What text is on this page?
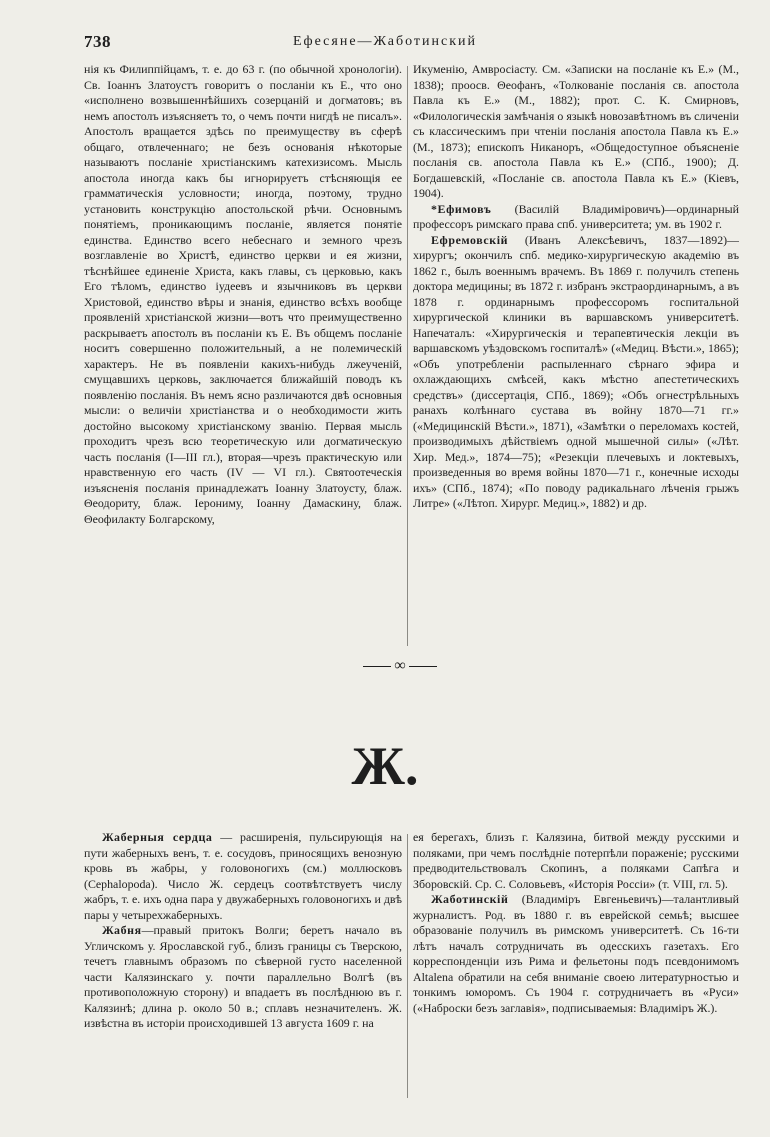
738	Ефесяне—Жаботинский

нія къ Филиппійцамъ, т. е. до 63 г. (по обычной хронологіи). Св. Іоаннъ Златоустъ говоритъ о посланіи къ Е., что оно «исполнено возвышеннѣйшихъ созерцаній и догматовъ; въ немъ апостолъ изъясняетъ то, о чемъ почти нигдѣ не писалъ». Апостолъ вращается здѣсь по преимуществу въ сферѣ общаго, отвлеченнаго; не безъ основанія нѣкоторые называютъ посланіе христіанскимъ катехизисомъ. Мысль апостола иногда какъ бы игнорируетъ стѣсняющія ее грамматическія условности; иногда, поэтому, трудно установить конструкцію апостольской рѣчи. Основнымъ понятіемъ, проникающимъ посланіе, является понятіе единства. Единство всего небеснаго и земного чрезъ возглавленіе во Христѣ, единство церкви и ея жизни, тѣснѣйшее единеніе Христа, какъ главы, съ церковью, какъ Его тѣломъ, единство іудеевъ и язычниковъ въ церкви Христовой, единство вѣры и знанія, единство всѣхъ вообще проявленій христіанской жизни—вотъ что преимущественно раскрываетъ апостолъ въ посланіи къ Е. Въ общемъ посланіе носитъ совершенно положительный, а не полемическій характеръ. Не въ появленіи какихъ-нибудь лжеученій, смущавшихъ церковь, заключается ближайшій поводъ къ появленію посланія. Въ немъ ясно различаются двѣ основныя мысли: о величіи христіанства и о необходимости жить достойно высокому христіанскому званію. Первая мысль проходитъ чрезъ всю теоретическую или догматическую часть посланія (I—III гл.), вторая—чрезъ практическую или нравственную его часть (IV — VI гл.). Святоотеческія изъясненія посланія принадлежатъ Іоанну Златоусту, блаж. Θеодориту, блаж. Іерониму, Іоанну Дамаскину, блаж. Θеофилакту Болгарскому,

Икуменію, Амвросіасту. См. «Записки на посланіе къ Е.» (М., 1838); проосв. Θеофанъ, «Толкованіе посланія св. апостола Павла къ Е.» (М., 1882); прот. С. К. Смирновъ, «Филологическія замѣчанія о языкѣ новозавѣтномъ въ сличеніи съ классическимъ при чтеніи посланія апостола Павла къ Е.» (М., 1873); епископъ Никаноръ, «Общедоступное объясненіе посланія св. апостола Павла къ Е.» (СПб., 1900); Д. Богдашевскій, «Посланіе св. апостола Павла къ Е.» (Кіевъ, 1904).

*Ефимовъ (Василій Владиміровичъ)—ординарный профессоръ римскаго права спб. университета; ум. въ 1902 г.

Ефремовскій (Иванъ Алексѣевичъ, 1837—1892)—хирургъ; окончилъ спб. медико-хирургическую академію въ 1862 г., былъ военнымъ врачемъ. Въ 1869 г. получилъ степень доктора медицины; въ 1872 г. избранъ экстраординарнымъ, а въ 1878 г. ординарнымъ профессоромъ госпитальной хирургической клиники въ варшавскомъ университетѣ. Напечаталъ: «Хирургическія и терапевтическія лекціи въ варшавскомъ уѣздовскомъ госпиталѣ» («Медиц. Вѣсти.», 1865); «Объ употребленіи распыленнаго сѣрнаго эфира и охлаждающихъ смѣсей, какъ мѣстно апестетическихъ средствъ» (диссертація, СПб., 1869); «Объ огнестрѣльныхъ ранахъ колѣннаго сустава въ войну 1870—71 гг.» («Медицинскій Вѣсти.», 1871), «Замѣтки о переломахъ костей, производимыхъ дѣйствіемъ одной мышечной силы» («Лѣт. Хир. Мед.», 1874—75); «Резекціи плечевыхъ и локтевыхъ, произведенныя во время войны 1870—71 г., конечные исходы ихъ» (СПб., 1874); «По поводу радикальнаго лѣченія грыжъ Литре» («Лѣтоп. Хирург. Медиц.», 1882) и др.

∞
Ж.

Жаберныя сердца — расширенія, пульсирующія на пути жаберныхъ венъ, т. е. сосудовъ, приносящихъ венозную кровь въ жабры, у головоногихъ (см.) моллюсковъ (Cephalopoda). Число Ж. сердецъ соотвѣтствуетъ числу жабръ, т. е. ихъ одна пара у двужаберныхъ головоногихъ и двѣ пары у четырехжаберныхъ.

Жабня—правый притокъ Волги; беретъ начало въ Угличскомъ у. Ярославской губ., близъ границы съ Тверскою, течетъ главнымъ образомъ по сѣверной густо населенной части Калязинскаго у. почти параллельно Волгѣ (въ противоположную сторону) и впадаетъ въ послѣднюю въ г. Калязинѣ; длина р. около 50 в.; сплавъ незначителенъ. Ж. извѣстна въ исторіи происходившей 13 августа 1609 г. на

ея берегахъ, близъ г. Калязина, битвой между русскими и поляками, при чемъ послѣдніе потерпѣли пораженіе; русскими предводительствовалъ Скопинъ, а поляками Сапѣга и Зборовскій. Ср. С. Соловьевъ, «Исторія Россіи» (т. VIII, гл. 5).

Жаботинскій (Владиміръ Евгеньевичъ)—талантливый журналистъ. Род. въ 1880 г. въ еврейской семьѣ; высшее образованіе получилъ въ римскомъ университетѣ. Съ 16-ти лѣтъ началъ сотрудничать въ одесскихъ газетахъ. Его корреспонденціи изъ Рима и фельетоны подъ псевдонимомъ Altalena обратили на себя вниманіе своею литературностью и тонкимъ юморомъ. Съ 1904 г. сотрудничаетъ въ «Руси» («Наброски безъ заглавія», подписываемыя: Владиміръ Ж.).
